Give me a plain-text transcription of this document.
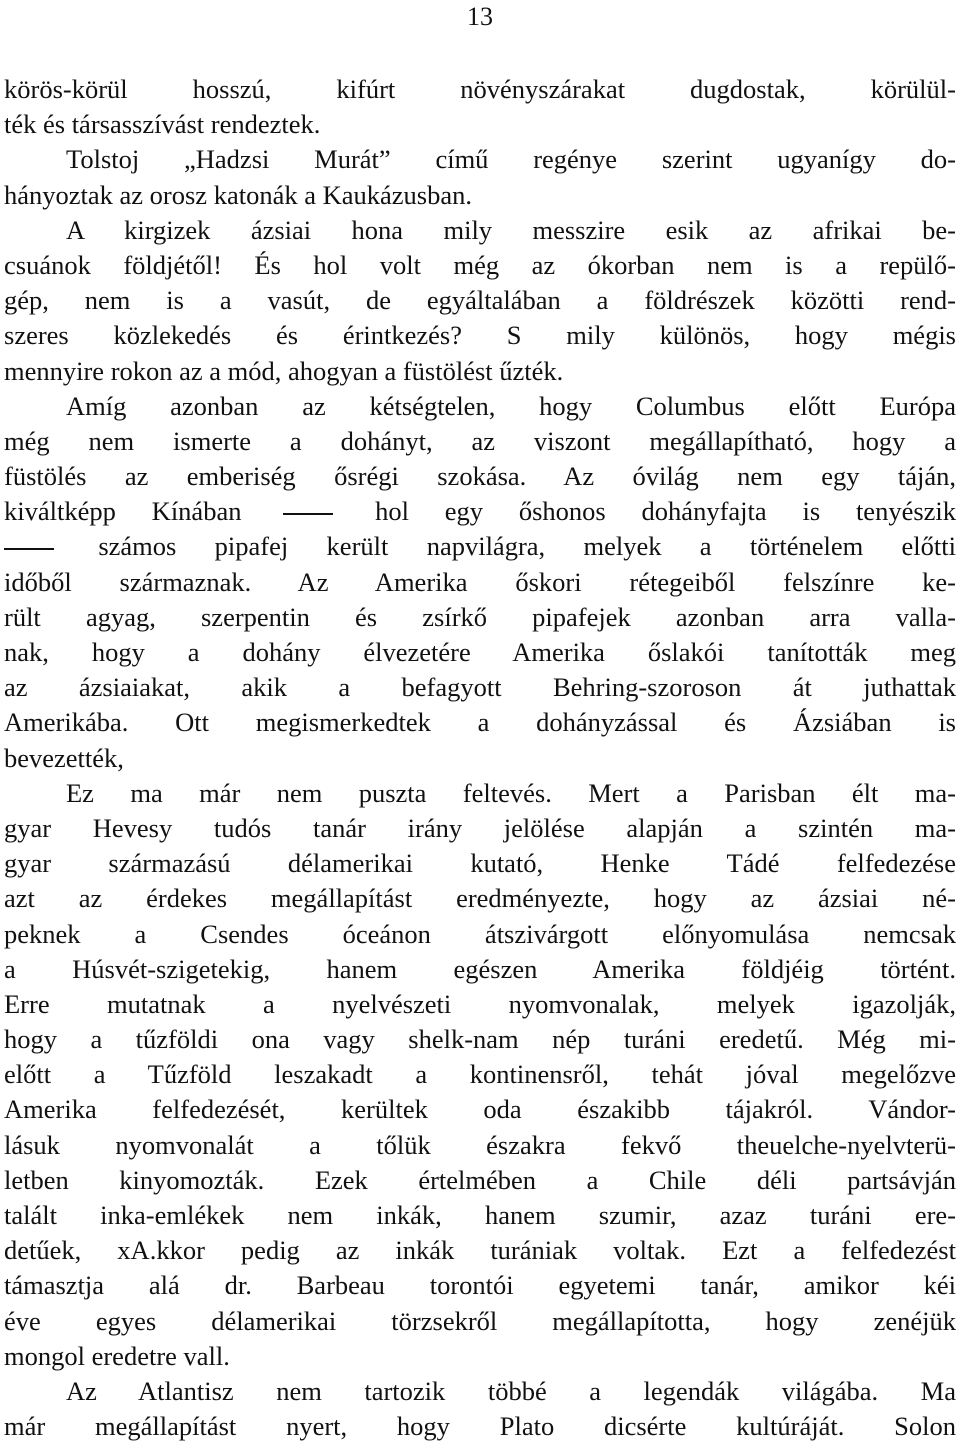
13
körös-körül hosszú, kifúrt növényszárakat dugdostak, körülül-
ték és társasszívást rendeztek.
Tolstoj „Hadzsi Murát” című regénye szerint ugyanígy do-
hányoztak az orosz katonák a Kaukázusban.
A kirgizek ázsiai hona mily messzire esik az afrikai be-
csuánok földjétől! És hol volt még az ókorban nem is a repülő-
gép, nem is a vasút, de egyáltalában a földrészek közötti rend-
szeres közlekedés és érintkezés? S mily különös, hogy mégis
mennyire rokon az a mód, ahogyan a füstölést űzték.
Amíg azonban az kétségtelen, hogy Columbus előtt Európa
még nem ismerte a dohányt, az viszont megállapítható, hogy a
füstölés az emberiség ősrégi szokása. Az óvilág nem egy táján,
kiváltképp Kínában	hol egy őshonos dohányfajta is tenyészik
számos pipafej került napvilágra, melyek a történelem előtti
időből származnak. Az Amerika őskori rétegeiből felszínre ke-
rült agyag, szerpentin és zsírkő pipafejek azonban arra valla-
nak, hogy a dohány élvezetére Amerika őslakói tanították meg
az ázsiaiakat, akik a befagyott Behring-szoroson át juthattak
Amerikába. Ott megismerkedtek a dohányzással és Ázsiában is
bevezették,
Ez ma már nem puszta feltevés. Mert a Parisban élt ma-
gyar Hevesy tudós tanár irány jelölése alapján a szintén ma-
gyar származású délamerikai kutató, Henke Tádé felfedezése
azt az érdekes megállapítást eredményezte, hogy az ázsiai né-
peknek a Csendes óceánon átszivárgott előnyomulása nemcsak
a Húsvét-szigetekig, hanem egészen Amerika földjéig történt.
Erre mutatnak a nyelvészeti nyomvonalak, melyek igazolják,
hogy a tűzföldi ona vagy shelk-nam nép turáni eredetű. Még mi-
előtt a Tűzföld leszakadt a kontinensről, tehát jóval megelőzve
Amerika felfedezését, kerültek oda északibb tájakról. Vándor-
lásuk nyomvonalát a tőlük északra fekvő theuelche-nyelvterü-
letben kinyomozták. Ezek értelmében a Chile déli partsávján
talált inka-emlékek nem inkák, hanem szumir, azaz turáni ere-
detűek, xA.kkor pedig az inkák turániak voltak. Ezt a felfedezést
támasztja alá dr. Barbeau torontói egyetemi tanár, amikor kéi
éve egyes délamerikai törzsekről megállapította, hogy zenéjük
mongol eredetre vall.
Az Atlantisz nem tartozik többé a legendák világába. Ma
már megállapítást nyert, hogy Plato dicsérte kultúráját. Solon
